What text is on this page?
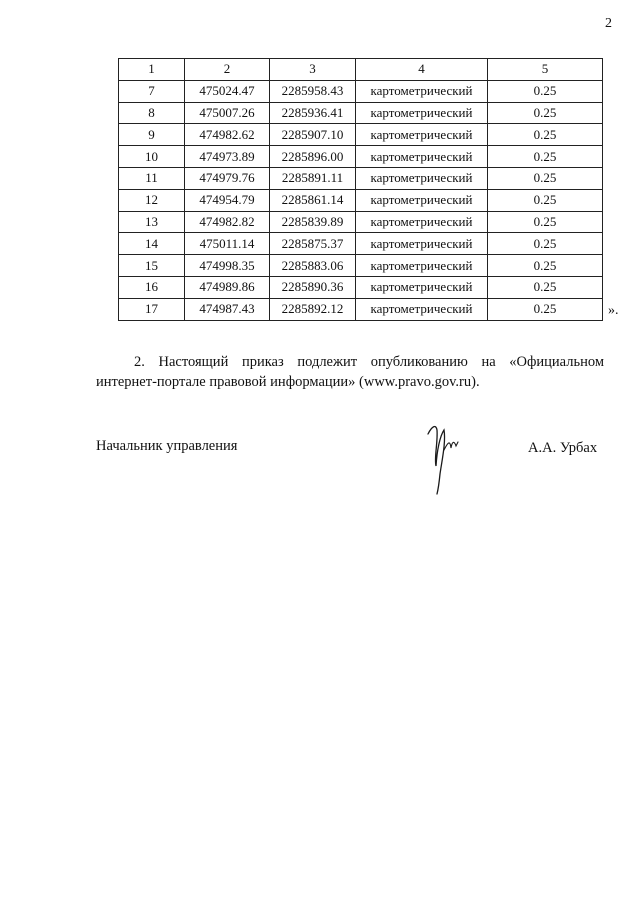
2
1	2	3	4	5
7	475024.47	2285958.43	картометрический	0.25
8	475007.26	2285936.41	картометрический	0.25
9	474982.62	2285907.10	картометрический	0.25
10	474973.89	2285896.00	картометрический	0.25
11	474979.76	2285891.11	картометрический	0.25
12	474954.79	2285861.14	картометрический	0.25
13	474982.82	2285839.89	картометрический	0.25
14	475011.14	2285875.37	картометрический	0.25
15	474998.35	2285883.06	картометрический	0.25
16	474989.86	2285890.36	картометрический	0.25
17	474987.43	2285892.12	картометрический	0.25	».
2. Настоящий приказ подлежит опубликованию на «Официальном интернет-портале правовой информации» (www.pravo.gov.ru).
Начальник управления	А.А. Урбах
